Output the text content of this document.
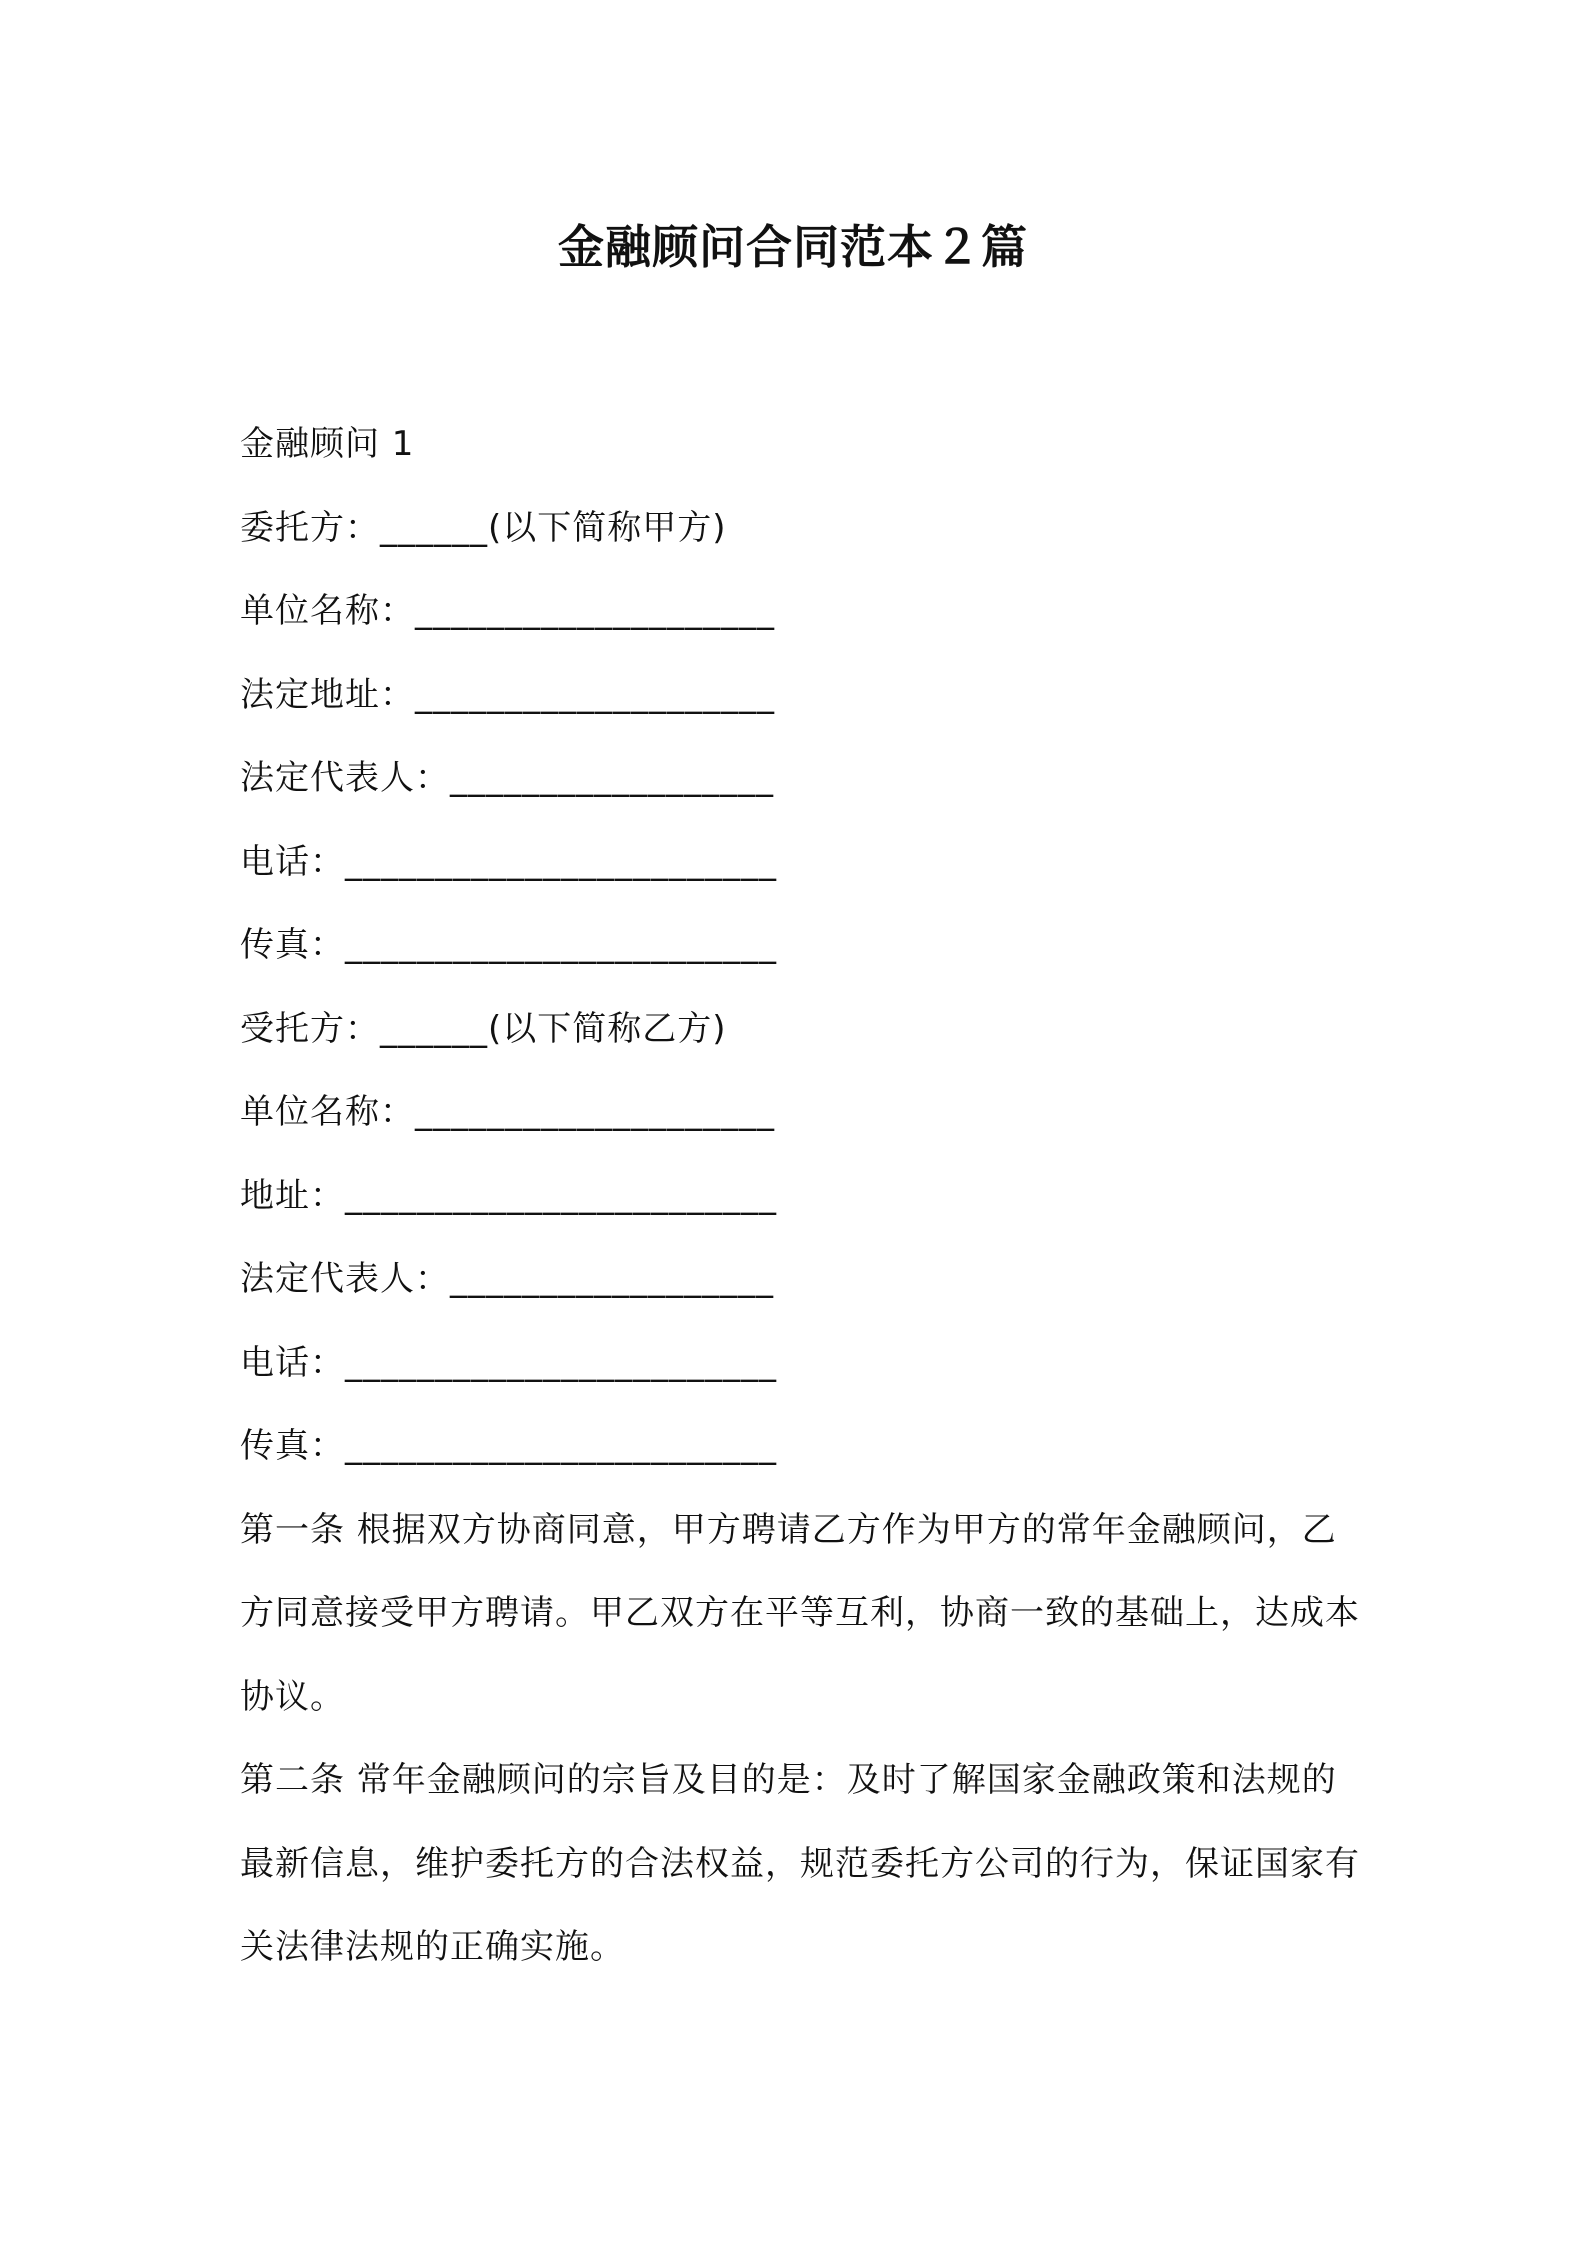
金融顾问合同范本２篇
金融顾问 1
委托方：______(以下简称甲方)
单位名称：____________________
法定地址：____________________
法定代表人：__________________
电话：________________________
传真：________________________
受托方：______(以下简称乙方)
单位名称：____________________
地址：________________________
法定代表人：__________________
电话：________________________
传真：________________________
第一条 根据双方协商同意，甲方聘请乙方作为甲方的常年金融顾问，乙方同意接受甲方聘请。甲乙双方在平等互利，协商一致的基础上，达成本协议。
第二条 常年金融顾问的宗旨及目的是：及时了解国家金融政策和法规的最新信息，维护委托方的合法权益，规范委托方公司的行为，保证国家有关法律法规的正确实施。
